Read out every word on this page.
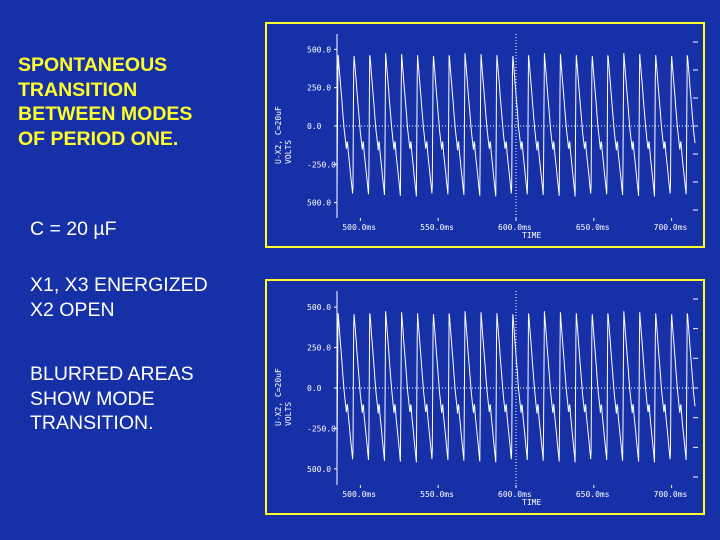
SPONTANEOUS
TRANSITION
BETWEEN MODES
OF PERIOD ONE.
C = 20 µF
X1, X3 ENERGIZED
X2 OPEN
BLURRED AREAS
SHOW MODE
TRANSITION.
500.0
250.0
0.0
-250.0
500.0
500.0ms	550.0ms	600.0ms	650.0ms	700.0ms
TIME
U-X2, C=20uF VOLTS
500.0
250.0
0.0
-250.0
500.0
500.0ms	550.0ms	600.0ms	650.0ms	700.0ms
TIME
U-X2, C=20uF VOLTS
